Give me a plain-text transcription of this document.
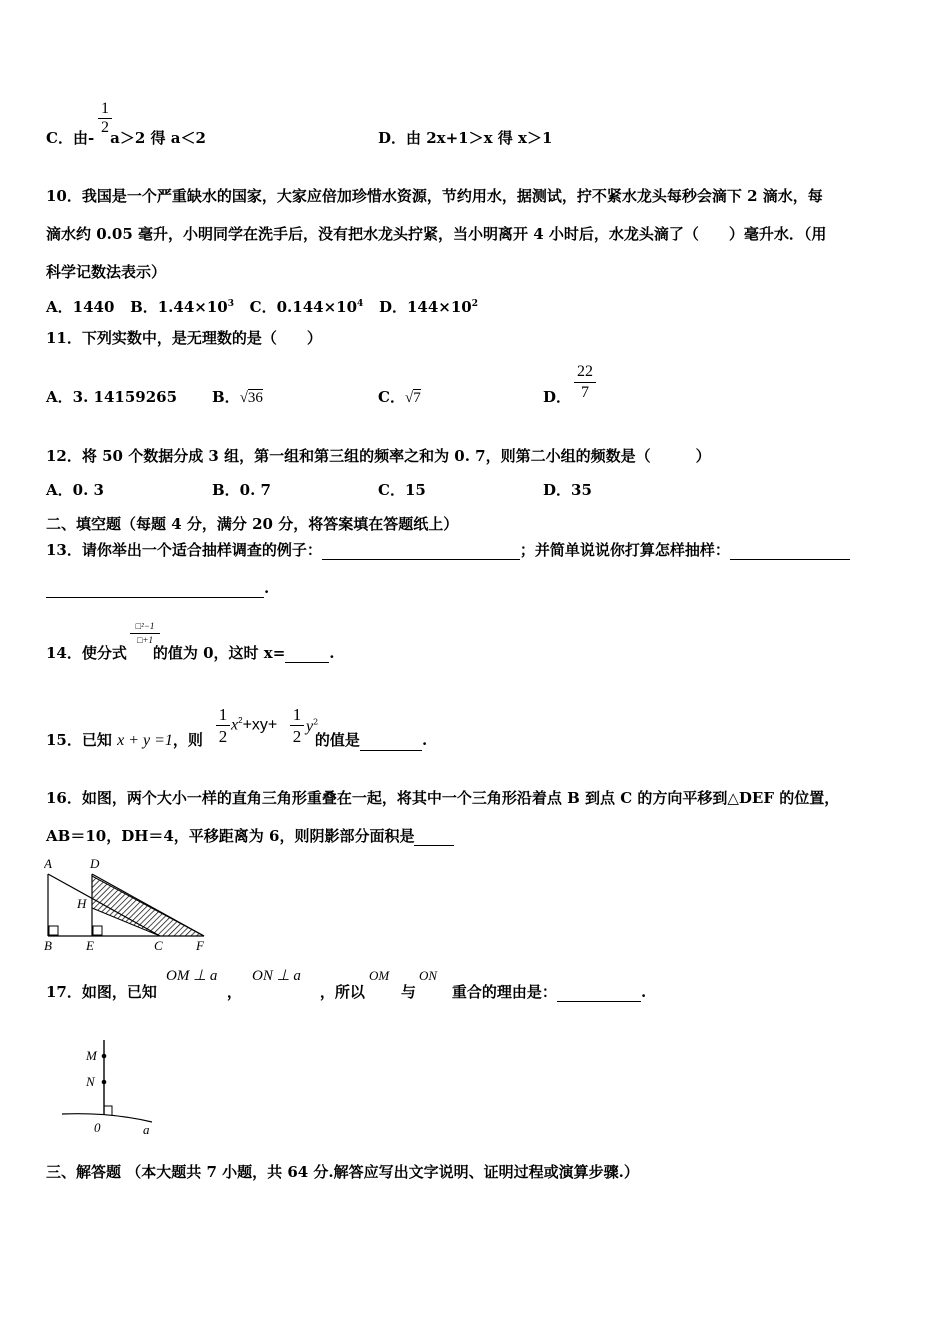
C．由- a＞2 得 a＜2
$\frac{1}{2}$
D．由 2x+1＞x 得 x＞1
10．我国是一个严重缺水的国家，大家应倍加珍惜水资源，节约用水，据测试，拧不紧水龙头每秒会滴下 2 滴水，每
滴水约 0.05 毫升，小明同学在洗手后，没有把水龙头拧紧，当小明离开 4 小时后，水龙头滴了（　　）毫升水．（用
科学记数法表示）
A．1440 B．$1.44\times 10^3$ C．$0.144\times 10^4$ D．$144\times 10^2$
11．下列实数中，是无理数的是（　　）
A．3. 14159265 B．√36	C．√7	D． $\frac{22}{7}$
12．将 50 个数据分成 3 组，第一组和第三组的频率之和为 0. 7，则第二小组的频数是（　　　）
A．0. 3	B．0. 7	C．15	D．35
二、填空题（每题 4 分，满分 20 分，将答案填在答题纸上）
13．请你举出一个适合抽样调查的例子：	；并简单说说你打算怎样抽样：
.
$\frac{\text{□²−1}}{□+1}$
14．使分式 的值为 0，这时 x=	.
15．已知 x + y =1，则	的值是	.
$\frac{1}{2} x^2+xy+ \frac{1}{2} y^2$
16．如图，两个大小一样的直角三角形重叠在一起，将其中一个三角形沿着点 B 到点 C 的方向平移到△DEF 的位置，
AB＝10，DH＝4，平移距离为 6，则阴影部分面积是
A	D
H
B	E	C	F
17．如图，已知	，	，所以 与 重合的理由是：	.
OM ⊥ a ON ⊥ a	OM ON
M
N
0	a
三、解答题 （本大题共 7 小题，共 64 分.解答应写出文字说明、证明过程或演算步骤.）
